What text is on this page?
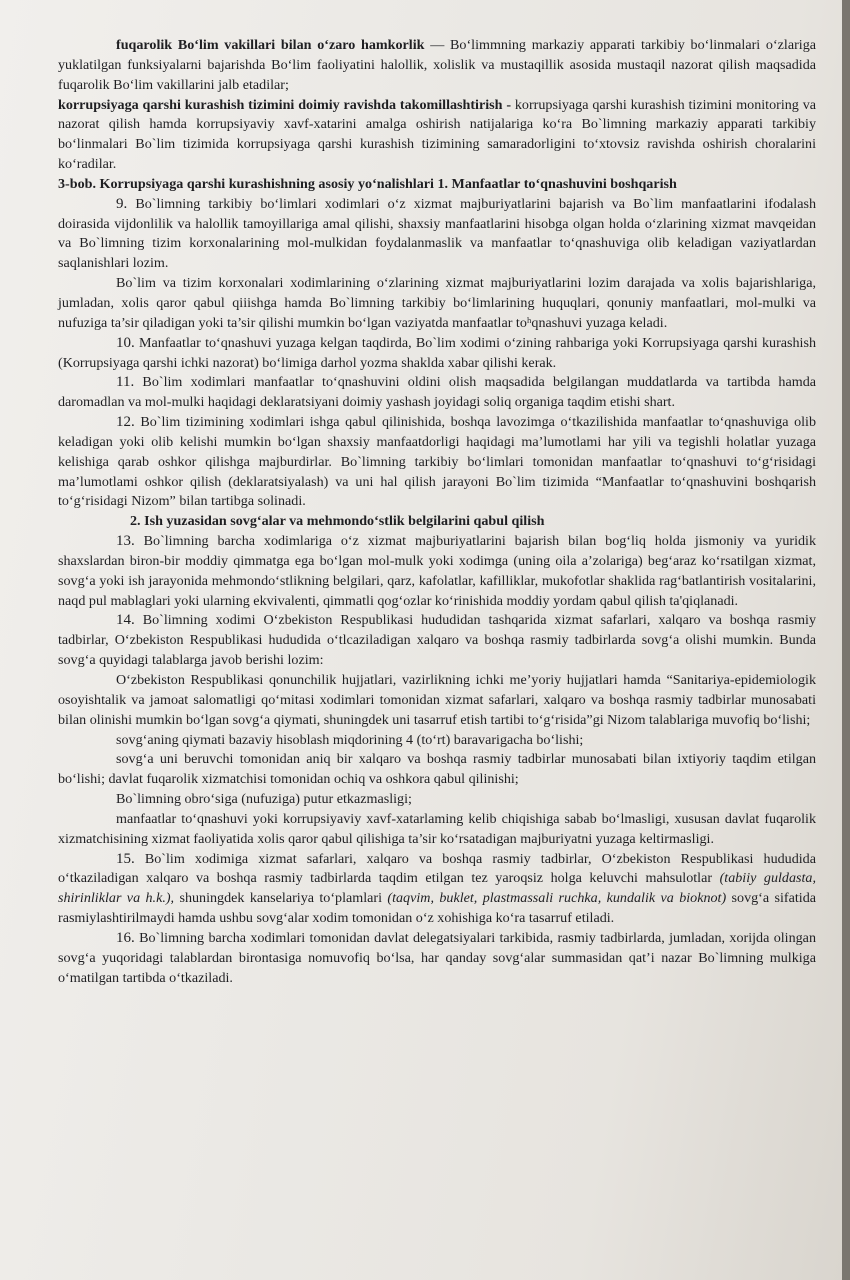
fuqarolik Bo‘lim vakillari bilan o‘zaro hamkorlik — Bo‘limmning markaziy apparati tarkibiy bo‘linmalari o‘zlariga yuklatilgan funksiyalarni bajarishda Bo‘lim faoliyatini halollik, xolislik va mustaqillik asosida mustaqil nazorat qilish maqsadida fuqarolik Bo‘lim vakillarini jalb etadilar;

korrupsiyaga qarshi kurashish tizimini doimiy ravishda takomillashtirish - korrupsiyaga qarshi kurashish tizimini monitoring va nazorat qilish hamda korrupsiyaviy xavf-xatarini amalga oshirish natijalariga ko‘ra Bo`limning markaziy apparati tarkibiy bo‘linmalari Bo`lim tizimida korrupsiyaga qarshi kurashish tizimining samaradorligini to‘xtovsiz ravishda oshirish choralarini ko‘radilar.

3-bob. Korrupsiyaga qarshi kurashishning asosiy yoʻnalishlari 1. Manfaatlar to‘qnashuvini boshqarish

9. Bo`limning tarkibiy bo‘limlari xodimlari o‘z xizmat majburiyatlarini bajarish va Bo`lim manfaatlarini ifodalash doirasida vijdonlilik va halollik tamoyillariga amal qilishi, shaxsiy manfaatlarini hisobga olgan holda o‘zlarining xizmat mavqeidan va Bo`limning tizim korxonalarining mol-mulkidan foydalanmaslik va manfaatlar to‘qnashuviga olib keladigan vaziyatlardan saqlanishlari lozim.

Bo`lim va tizim korxonalari xodimlarining o‘zlarining xizmat majburiyatlarini lozim darajada va xolis bajarishlariga, jumladan, xolis qaror qabul qiiishga hamda Bo`limning tarkibiy bo‘limlarining huquqlari, qonuniy manfaatlari, mol-mulki va nufuziga ta’sir qiladigan yoki ta’sir qilishi mumkin bo‘lgan vaziyatda manfaatlar toʰqnashuvi yuzaga keladi.

10. Manfaatlar to‘qnashuvi yuzaga kelgan taqdirda, Bo`lim xodimi o‘zining rahbariga yoki Korrupsiyaga qarshi kurashish (Korrupsiyaga qarshi ichki nazorat) bo‘limiga darhol yozma shaklda xabar qilishi kerak.

11. Bo`lim xodimlari manfaatlar to‘qnashuvini oldini olish maqsadida belgilangan muddatlarda va tartibda hamda daromadlan va mol-mulki haqidagi deklaratsiyani doimiy yashash joyidagi soliq organiga taqdim etishi shart.

12. Bo`lim tizimining xodimlari ishga qabul qilinishida, boshqa lavozimga o‘tkazilishida manfaatlar to‘qnashuviga olib keladigan yoki olib kelishi mumkin bo‘lgan shaxsiy manfaatdorligi haqidagi ma’lumotlami har yili va tegishli holatlar yuzaga kelishiga qarab oshkor qilishga majburdirlar. Bo`limning tarkibiy bo‘limlari tomonidan manfaatlar to‘qnashuvi to‘g‘risidagi ma’lumotlami oshkor qilish (deklaratsiyalash) va uni hal qilish jarayoni Bo`lim tizimida “Manfaatlar to‘qnashuvini boshqarish to‘g‘risidagi Nizom” bilan tartibga solinadi.

2. Ish yuzasidan sovg‘alar va mehmondo‘stlik belgilarini qabul qilish

13. Bo`limning barcha xodimlariga o‘z xizmat majburiyatlarini bajarish bilan bog‘liq holda jismoniy va yuridik shaxslardan biron-bir moddiy qimmatga ega bo‘lgan mol-mulk yoki xodimga (uning oila a’zolariga) beg‘araz ko‘rsatilgan xizmat, sovg‘a yoki ish jarayonida mehmondo‘stlikning belgilari, qarz, kafolatlar, kafilliklar, mukofotlar shaklida rag‘batlantirish vositalarini, naqd pul mablaglari yoki ularning ekvivalenti, qimmatli qog‘ozlar ko‘rinishida moddiy yordam qabul qilish ta'qiqlanadi.

14. Bo`limning xodimi O‘zbekiston Respublikasi hududidan tashqarida xizmat safarlari, xalqaro va boshqa rasmiy tadbirlar, O‘zbekiston Respublikasi hududida o‘tlcaziladigan xalqaro va boshqa rasmiy tadbirlarda sovg‘a olishi mumkin. Bunda sovg‘a quyidagi talablarga javob berishi lozim:

O‘zbekiston Respublikasi qonunchilik hujjatlari, vazirlikning ichki me’yoriy hujjatlari hamda “Sanitariya-epidemiologik osoyishtalik va jamoat salomatligi qo‘mitasi xodimlari tomonidan xizmat safarlari, xalqaro va boshqa rasmiy tadbirlar munosabati bilan olinishi mumkin bo‘lgan sovg‘a qiymati, shuningdek uni tasarruf etish tartibi to‘g‘risida”gi Nizom talablariga muvofiq bo‘lishi;

sovg‘aning qiymati bazaviy hisoblash miqdorining 4 (to‘rt) baravarigacha bo‘lishi;

sovg‘a uni beruvchi tomonidan aniq bir xalqaro va boshqa rasmiy tadbirlar munosabati bilan ixtiyoriy taqdim etilgan bo‘lishi; davlat fuqarolik xizmatchisi tomonidan ochiq va oshkora qabul qilinishi;

Bo`limning obro‘siga (nufuziga) putur etkazmasligi;

manfaatlar to‘qnashuvi yoki korrupsiyaviy xavf-xatarlaming kelib chiqishiga sabab bo‘lmasligi, xususan davlat fuqarolik xizmatchisining xizmat faoliyatida xolis qaror qabul qilishiga ta’sir ko‘rsatadigan majburiyatni yuzaga keltirmasligi.

15. Bo`lim xodimiga xizmat safarlari, xalqaro va boshqa rasmiy tadbirlar, O‘zbekiston Respublikasi hududida o‘tkaziladigan xalqaro va boshqa rasmiy tadbirlarda taqdim etilgan tez yaroqsiz holga keluvchi mahsulotlar (tabiiy guldasta, shirinliklar va h.k.), shuningdek kanselariya to‘plamlari (taqvim, buklet, plastmassali ruchka, kundalik va bioknot) sovg‘a sifatida rasmiylashtirilmaydi hamda ushbu sovg‘alar xodim tomonidan o‘z xohishiga ko‘ra tasarruf etiladi.

16. Bo`limning barcha xodimlari tomonidan davlat delegatsiyalari tarkibida, rasmiy tadbirlarda, jumladan, xorijda olingan sovg‘a yuqoridagi talablardan birontasiga nomuvofiq bo‘lsa, har qanday sovg‘alar summasidan qat’i nazar Bo`limning mulkiga o‘matilgan tartibda o‘tkaziladi.
